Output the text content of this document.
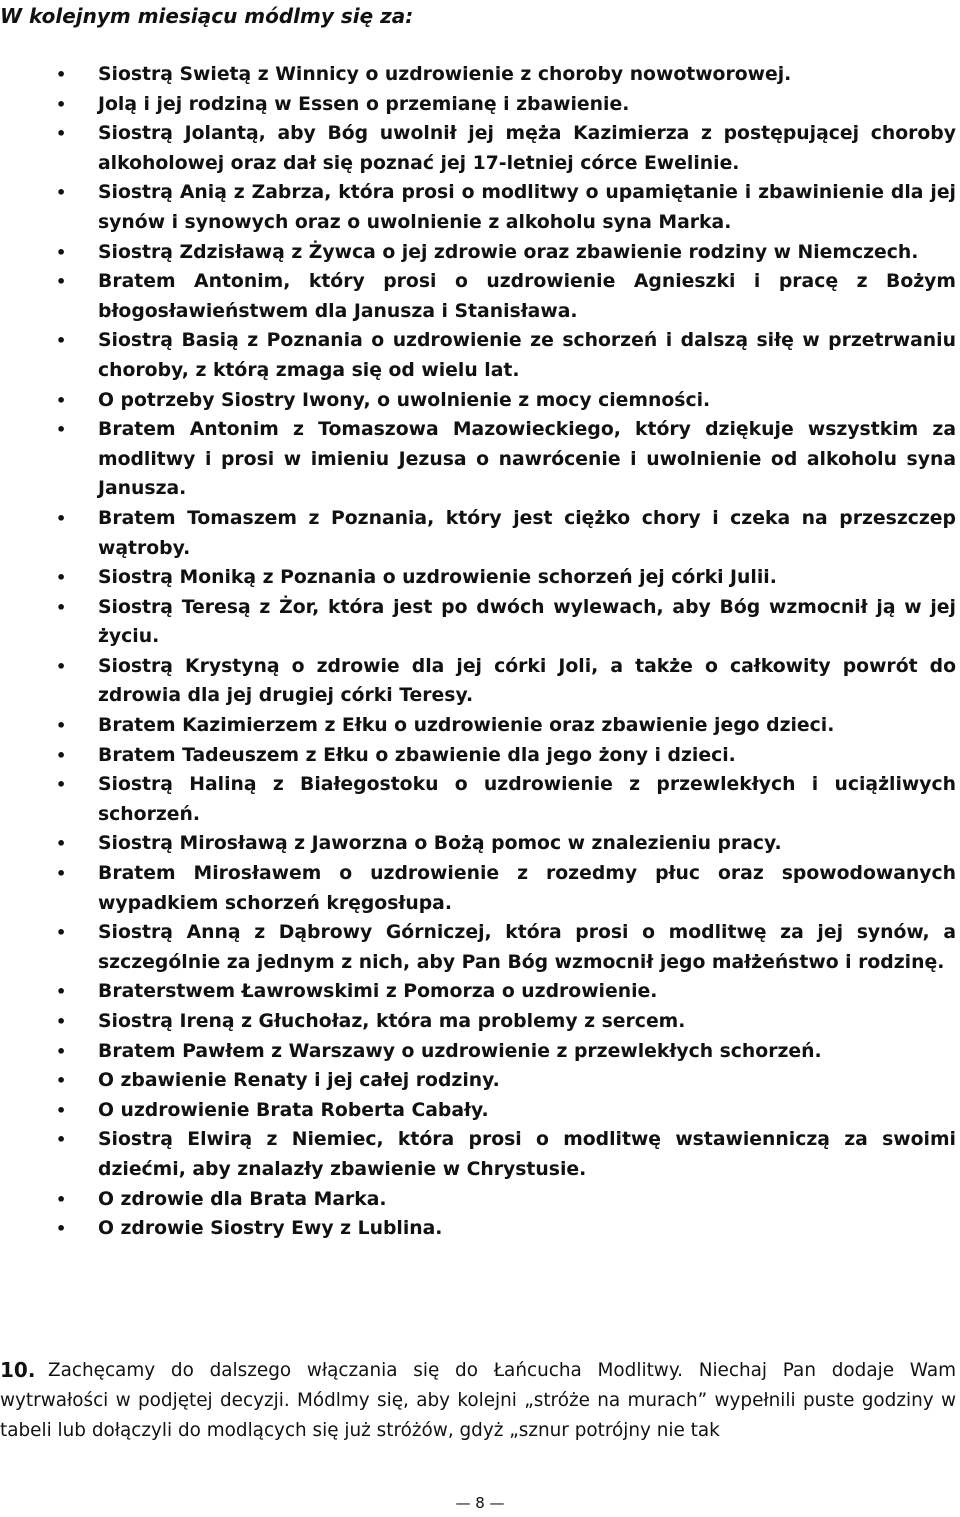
W kolejnym miesiącu módlmy się za:
• Siostrą Swietą z Winnicy o uzdrowienie z choroby nowotworowej.
• Jolą i jej rodziną w Essen o przemianę i zbawienie.
• Siostrą Jolantą, aby Bóg uwolnił jej męża Kazimierza z postępującej choroby alkoholowej oraz dał się poznać jej 17-letniej córce Ewelinie.
• Siostrą Anią z Zabrza, która prosi o modlitwy o upamiętanie i zbawinienie dla jej synów i synowych oraz o uwolnienie z alkoholu syna Marka.
• Siostrą Zdzisławą z Żywca o jej zdrowie oraz zbawienie rodziny w Niemczech.
• Bratem Antonim, który prosi o uzdrowienie Agnieszki i pracę z Bożym błogosławieństwem dla Janusza i Stanisława.
• Siostrą Basią z Poznania o uzdrowienie ze schorzeń i dalszą siłę w przetrwaniu choroby, z którą zmaga się od wielu lat.
• O potrzeby Siostry Iwony, o uwolnienie z mocy ciemności.
• Bratem Antonim z Tomaszowa Mazowieckiego, który dziękuje wszystkim za modlitwy i prosi w imieniu Jezusa o nawrócenie i uwolnienie od alkoholu syna Janusza.
• Bratem Tomaszem z Poznania, który jest ciężko chory i czeka na przeszczep wątroby.
• Siostrą Moniką z Poznania o uzdrowienie schorzeń jej córki Julii.
• Siostrą Teresą z Żor, która jest po dwóch wylewach, aby Bóg wzmocnił ją w jej życiu.
• Siostrą Krystyną o zdrowie dla jej córki Joli, a także o całkowity powrót do zdrowia dla jej drugiej córki Teresy.
• Bratem Kazimierzem z Ełku o uzdrowienie oraz zbawienie jego dzieci.
• Bratem Tadeuszem z Ełku o zbawienie dla jego żony i dzieci.
• Siostrą Haliną z Białegostoku o uzdrowienie z przewlekłych i uciążliwych schorzeń.
• Siostrą Mirosławą z Jaworzna o Bożą pomoc w znalezieniu pracy.
• Bratem Mirosławem o uzdrowienie z rozedmy płuc oraz spowodowanych wypadkiem schorzeń kręgosłupa.
• Siostrą Anną z Dąbrowy Górniczej, która prosi o modlitwę za jej synów, a szczególnie za jednym z nich, aby Pan Bóg wzmocnił jego małżeństwo i rodzinę.
• Braterstwem Ławrowskimi z Pomorza o uzdrowienie.
• Siostrą Ireną z Głuchołaz, która ma problemy z sercem.
• Bratem Pawłem z Warszawy o uzdrowienie z przewlekłych schorzeń.
• O zbawienie Renaty i jej całej rodziny.
• O uzdrowienie Brata Roberta Cabały.
• Siostrą Elwirą z Niemiec, która prosi o modlitwę wstawienniczą za swoimi dziećmi, aby znalazły zbawienie w Chrystusie.
• O zdrowie dla Brata Marka.
• O zdrowie Siostry Ewy z Lublina.
10. Zachęcamy do dalszego włączania się do Łańcucha Modlitwy. Niechaj Pan dodaje Wam wytrwałości w podjętej decyzji. Módlmy się, aby kolejni „stróże na murach” wypełnili puste godziny w tabeli lub dołączyli do modlących się już stróżów, gdyż „sznur potrójny nie tak

— 8 —
